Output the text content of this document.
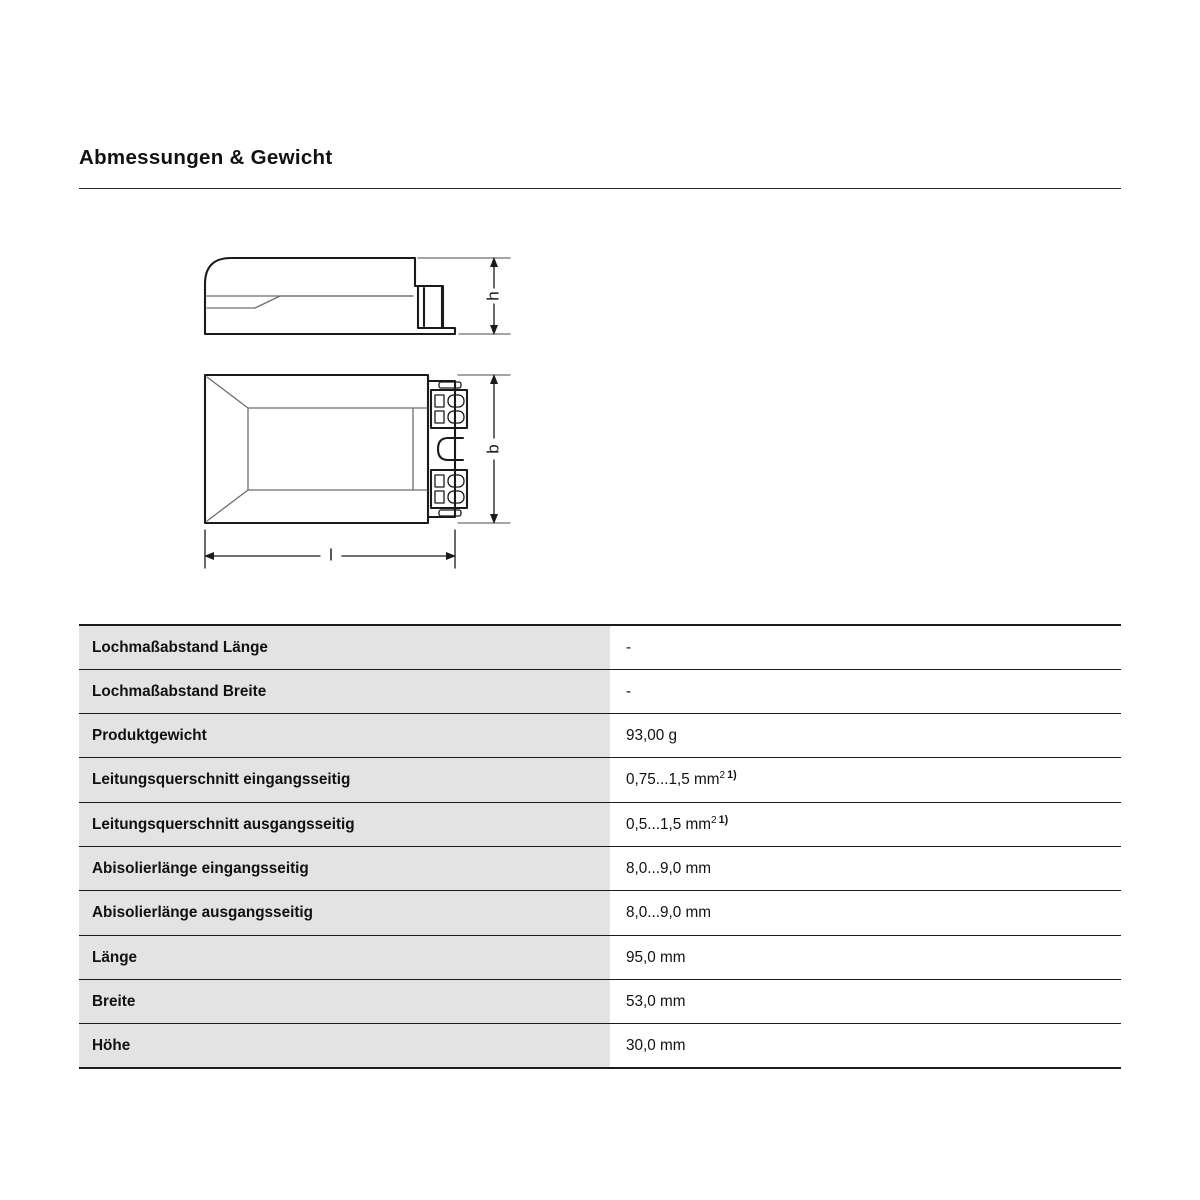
Abmessungen & Gewicht
h
b
l
Lochmaßabstand Länge	-
Lochmaßabstand Breite	-
Produktgewicht	93,00 g
Leitungsquerschnitt eingangsseitig	0,75...1,5 $mm^2$ $^{1)}$
Leitungsquerschnitt ausgangsseitig	0,5...1,5 $mm^2$ $^{1)}$
Abisolierlänge eingangsseitig	8,0...9,0 mm
Abisolierlänge ausgangsseitig	8,0...9,0 mm
Länge	95,0 mm
Breite	53,0 mm
Höhe	30,0 mm
